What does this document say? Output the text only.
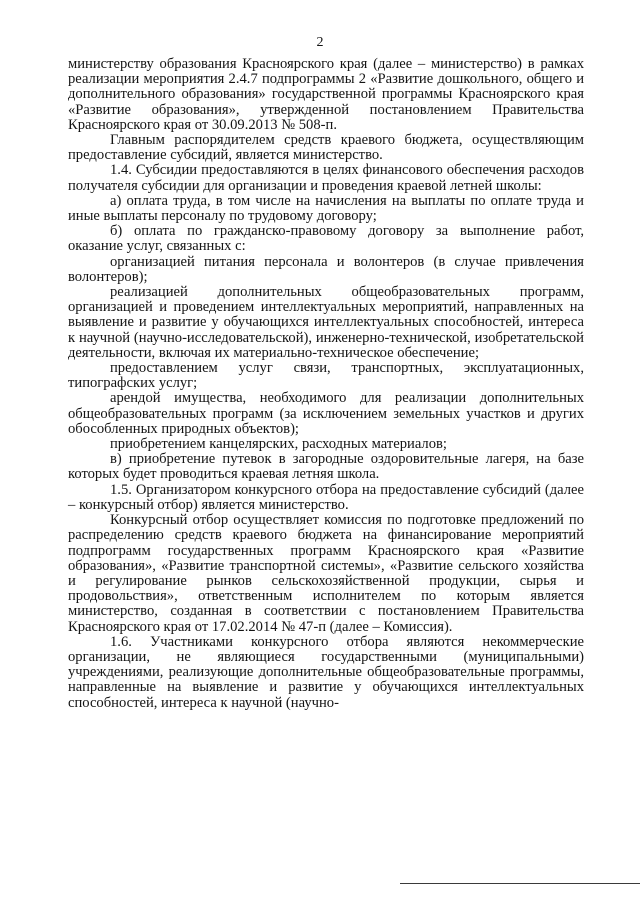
2

министерству образования Красноярского края (далее – министерство) в рамках реализации мероприятия 2.4.7 подпрограммы 2 «Развитие дошкольного, общего и дополнительного образования» государственной программы Красноярского края «Развитие образования», утвержденной постановлением Правительства Красноярского края от 30.09.2013 № 508-п.

Главным распорядителем средств краевого бюджета, осуществляющим предоставление субсидий, является министерство.

1.4. Субсидии предоставляются в целях финансового обеспечения расходов получателя субсидии для организации и проведения краевой летней школы:

а) оплата труда, в том числе на начисления на выплаты по оплате труда и иные выплаты персоналу по трудовому договору;

б) оплата по гражданско-правовому договору за выполнение работ, оказание услуг, связанных с:

организацией питания персонала и волонтеров (в случае привлечения волонтеров);

реализацией дополнительных общеобразовательных программ, организацией и проведением интеллектуальных мероприятий, направленных на выявление и развитие у обучающихся интеллектуальных способностей, интереса к научной (научно-исследовательской), инженерно-технической, изобретательской деятельности, включая их материально-техническое обеспечение;

предоставлением услуг связи, транспортных, эксплуатационных, типографских услуг;

арендой имущества, необходимого для реализации дополнительных общеобразовательных программ (за исключением земельных участков и других обособленных природных объектов);

приобретением канцелярских, расходных материалов;

в) приобретение путевок в загородные оздоровительные лагеря, на базе которых будет проводиться краевая летняя школа.

1.5. Организатором конкурсного отбора на предоставление субсидий (далее – конкурсный отбор) является министерство.

Конкурсный отбор осуществляет комиссия по подготовке предложений по распределению средств краевого бюджета на финансирование мероприятий подпрограмм государственных программ Красноярского края «Развитие образования», «Развитие транспортной системы», «Развитие сельского хозяйства и регулирование рынков сельскохозяйственной продукции, сырья и продовольствия», ответственным исполнителем по которым является министерство, созданная в соответствии с постановлением Правительства Красноярского края от 17.02.2014 № 47-п (далее – Комиссия).

1.6. Участниками конкурсного отбора являются некоммерческие организации, не являющиеся государственными (муниципальными) учреждениями, реализующие дополнительные общеобразовательные программы, направленные на выявление и развитие у обучающихся интеллектуальных способностей, интереса к научной (научно-
